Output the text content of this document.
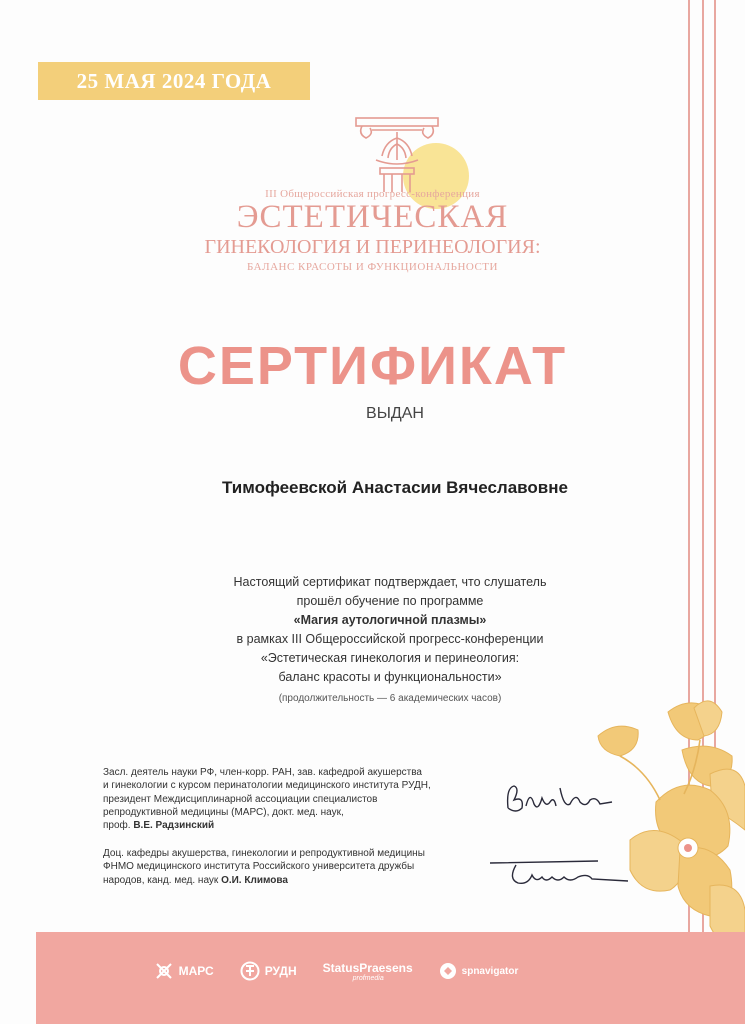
25 МАЯ 2024 ГОДА
III Общероссийская прогресс-конференция
ЭСТЕТИЧЕСКАЯ
ГИНЕКОЛОГИЯ И ПЕРИНЕОЛОГИЯ:
БАЛАНС КРАСОТЫ И ФУНКЦИОНАЛЬНОСТИ
СЕРТИФИКАТ
ВЫДАН
Тимофеевской Анастасии Вячеславовне
Настоящий сертификат подтверждает, что слушатель
прошёл обучение по программе
«Магия аутологичной плазмы»
в рамках III Общероссийской прогресс-конференции
«Эстетическая гинекология и перинеология:
баланс красоты и функциональности»
(продолжительность — 6 академических часов)
Засл. деятель науки РФ, член-корр. РАН, зав. кафедрой акушерства
и гинекологии с курсом перинатологии медицинского института РУДН,
президент Междисциплинарной ассоциации специалистов
репродуктивной медицины (МАРС), докт. мед. наук,
проф. В.Е. Радзинский
Доц. кафедры акушерства, гинекологии и репродуктивной медицины
ФНМО медицинского института Российского университета дружбы
народов, канд. мед. наук О.И. Климова
МАРС	РУДН StatusPraesens
profmedia
spnavigator
